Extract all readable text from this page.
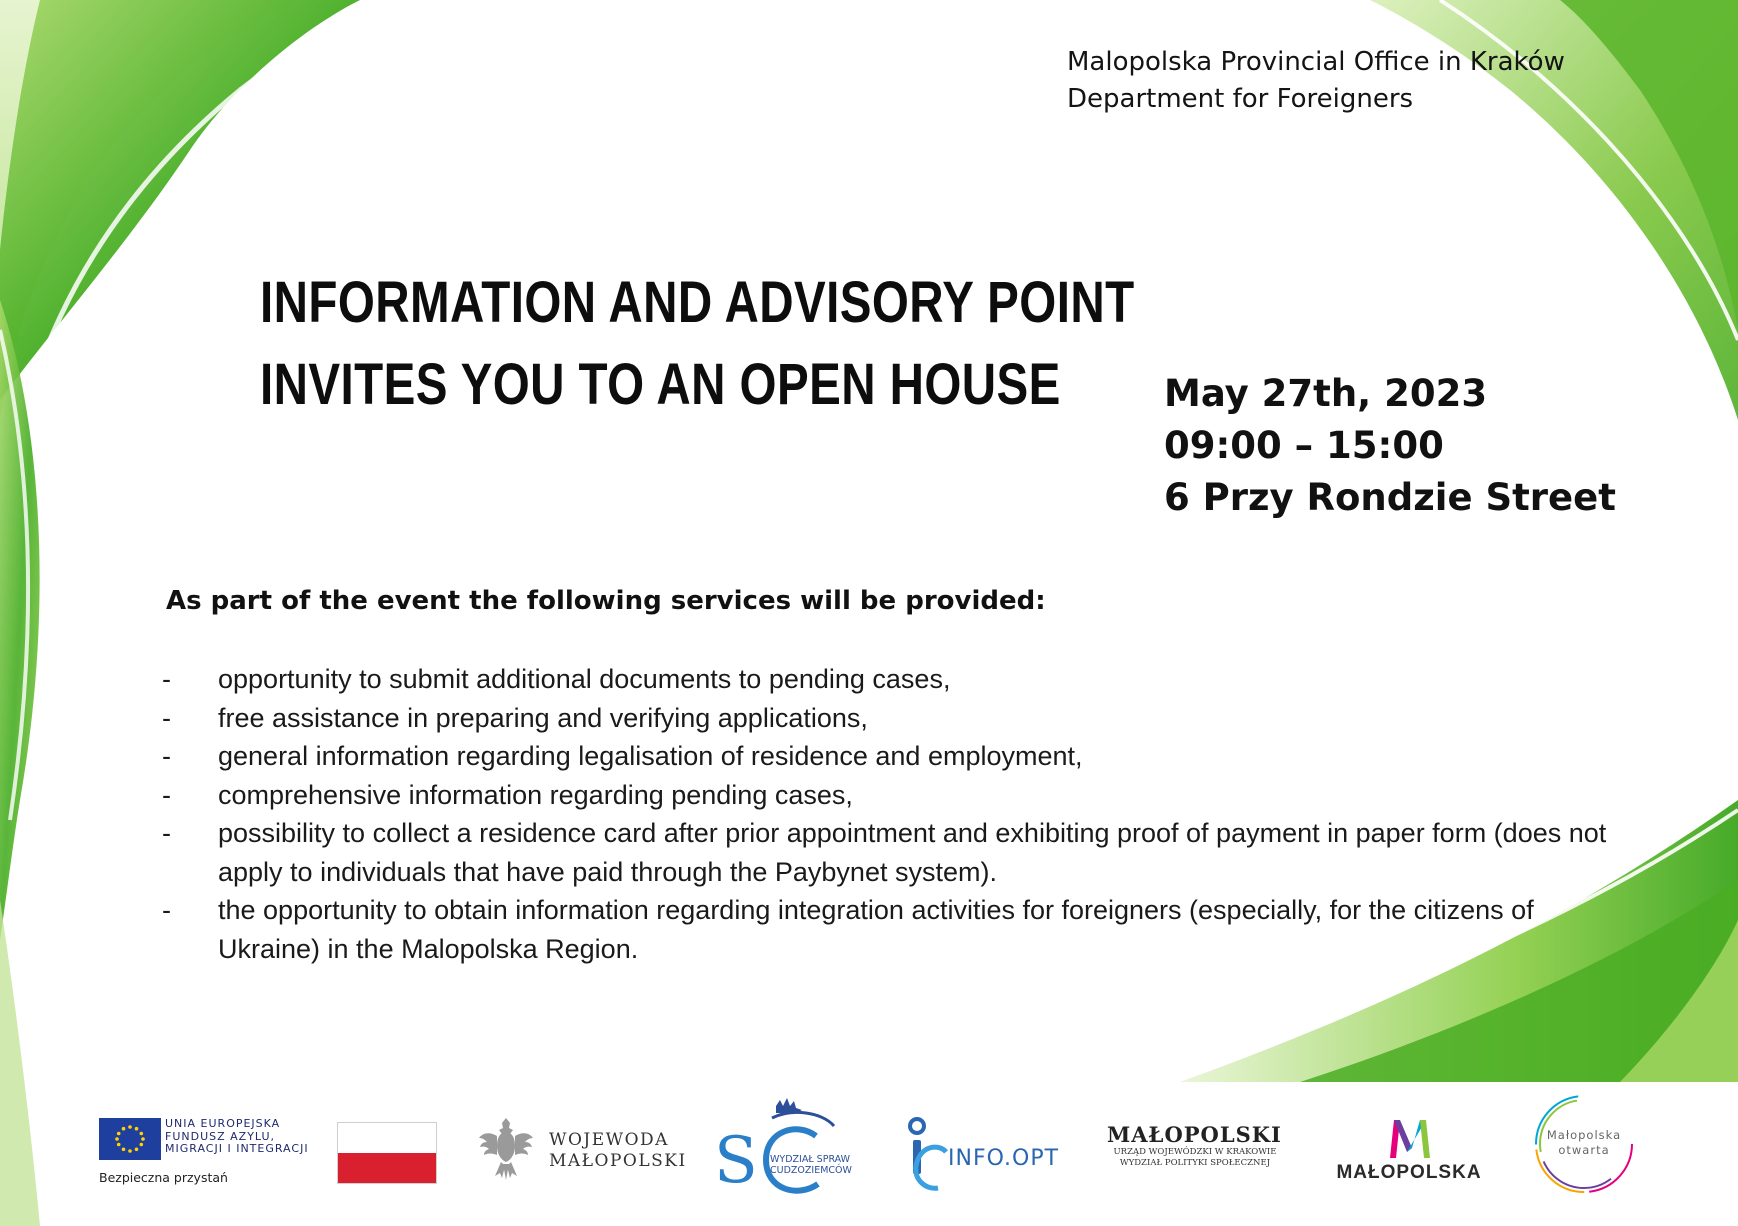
Malopolska Provincial Office in Kraków
Department for Foreigners
INFORMATION AND ADVISORY POINT
INVITES YOU TO AN OPEN HOUSE	May 27th, 2023
09:00 – 15:00
6 Przy Rondzie Street
As part of the event the following services will be provided:
- opportunity to submit additional documents to pending cases,
- free assistance in preparing and verifying applications,
- general information regarding legalisation of residence and employment,
- comprehensive information regarding pending cases,
- possibility to collect a residence card after prior appointment and exhibiting proof of payment in paper form (does not apply to individuals that have paid through the Paybynet system).
- the opportunity to obtain information regarding integration activities for foreigners (especially, for the citizens of Ukraine) in the Malopolska Region.
UNIA EUROPEJSKA
FUNDUSZ AZYLU,
MIGRACJI I INTEGRACJI
Bezpieczna przystań
WOJEWODA
MAŁOPOLSKI S WYDZIAŁ SPRAW
CUDZOZIEMCÓW	INFO.OPT
MAŁOPOLSKI
URZĄD WOJEWÓDZKI W KRAKOWIE
WYDZIAŁ POLITYKI SPOŁECZNEJ	MAŁOPOLSKA
Małopolska
otwarta
